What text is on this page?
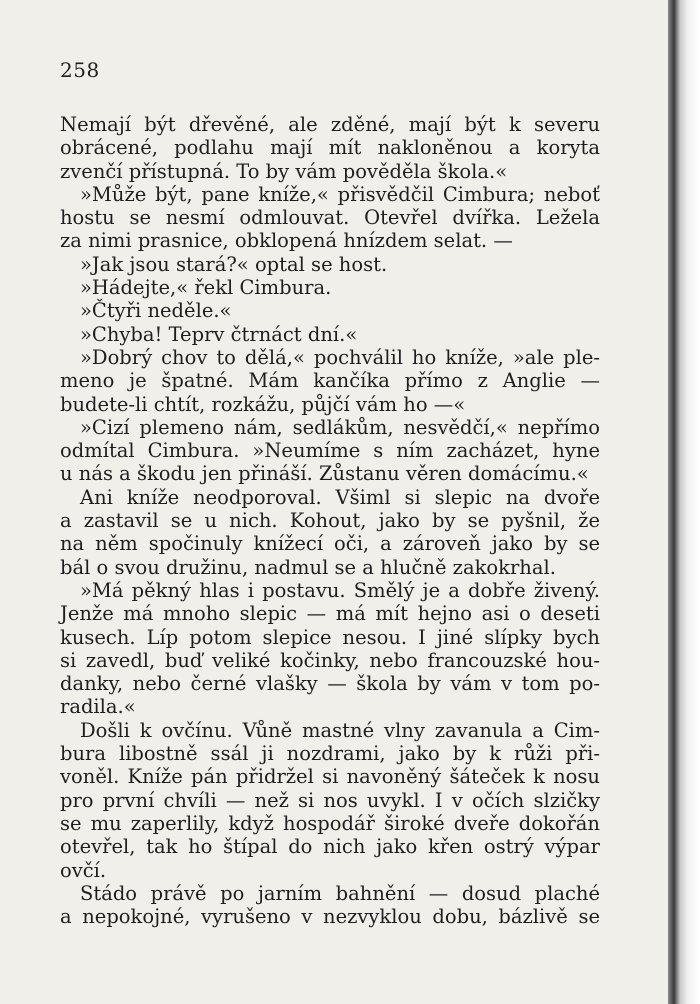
258
Nemají být dřevěné, ale zděné, mají být k severu
obrácené, podlahu mají mít nakloněnou a koryta
zvenčí přístupná. To by vám pověděla škola.«
»Může být, pane kníže,« přisvědčil Cimbura; neboť
hostu se nesmí odmlouvat. Otevřel dvířka. Ležela
za nimi prasnice, obklopená hnízdem selat. —
»Jak jsou stará?« optal se host.
»Hádejte,« řekl Cimbura.
»Čtyři neděle.«
»Chyba! Teprv čtrnáct dní.«
»Dobrý chov to dělá,« pochválil ho kníže, »ale ple-
meno je špatné. Mám kančíka přímo z Anglie —
budete-li chtít, rozkážu, půjčí vám ho —«
»Cizí plemeno nám, sedlákům, nesvědčí,« nepřímo
odmítal Cimbura. »Neumíme s ním zacházet, hyne
u nás a škodu jen přináší. Zůstanu věren domácímu.«
Ani kníže neodporoval. Všiml si slepic na dvoře
a zastavil se u nich. Kohout, jako by se pyšnil, že
na něm spočinuly knížecí oči, a zároveň jako by se
bál o svou družinu, nadmul se a hlučně zakokrhal.
»Má pěkný hlas i postavu. Smělý je a dobře živený.
Jenže má mnoho slepic — má mít hejno asi o deseti
kusech. Líp potom slepice nesou. I jiné slípky bych
si zavedl, buď veliké kočinky, nebo francouzské hou-
danky, nebo černé vlašky — škola by vám v tom po-
radila.«
Došli k ovčínu. Vůně mastné vlny zavanula a Cim-
bura libostně ssál ji nozdrami, jako by k růži při-
voněl. Kníže pán přidržel si navoněný šáteček k nosu
pro první chvíli — než si nos uvykl. I v očích slzičky
se mu zaperlily, když hospodář široké dveře dokořán
otevřel, tak ho štípal do nich jako křen ostrý výpar
ovčí.
Stádo právě po jarním bahnění — dosud plaché
a nepokojné, vyrušeno v nezvyklou dobu, bázlivě se
